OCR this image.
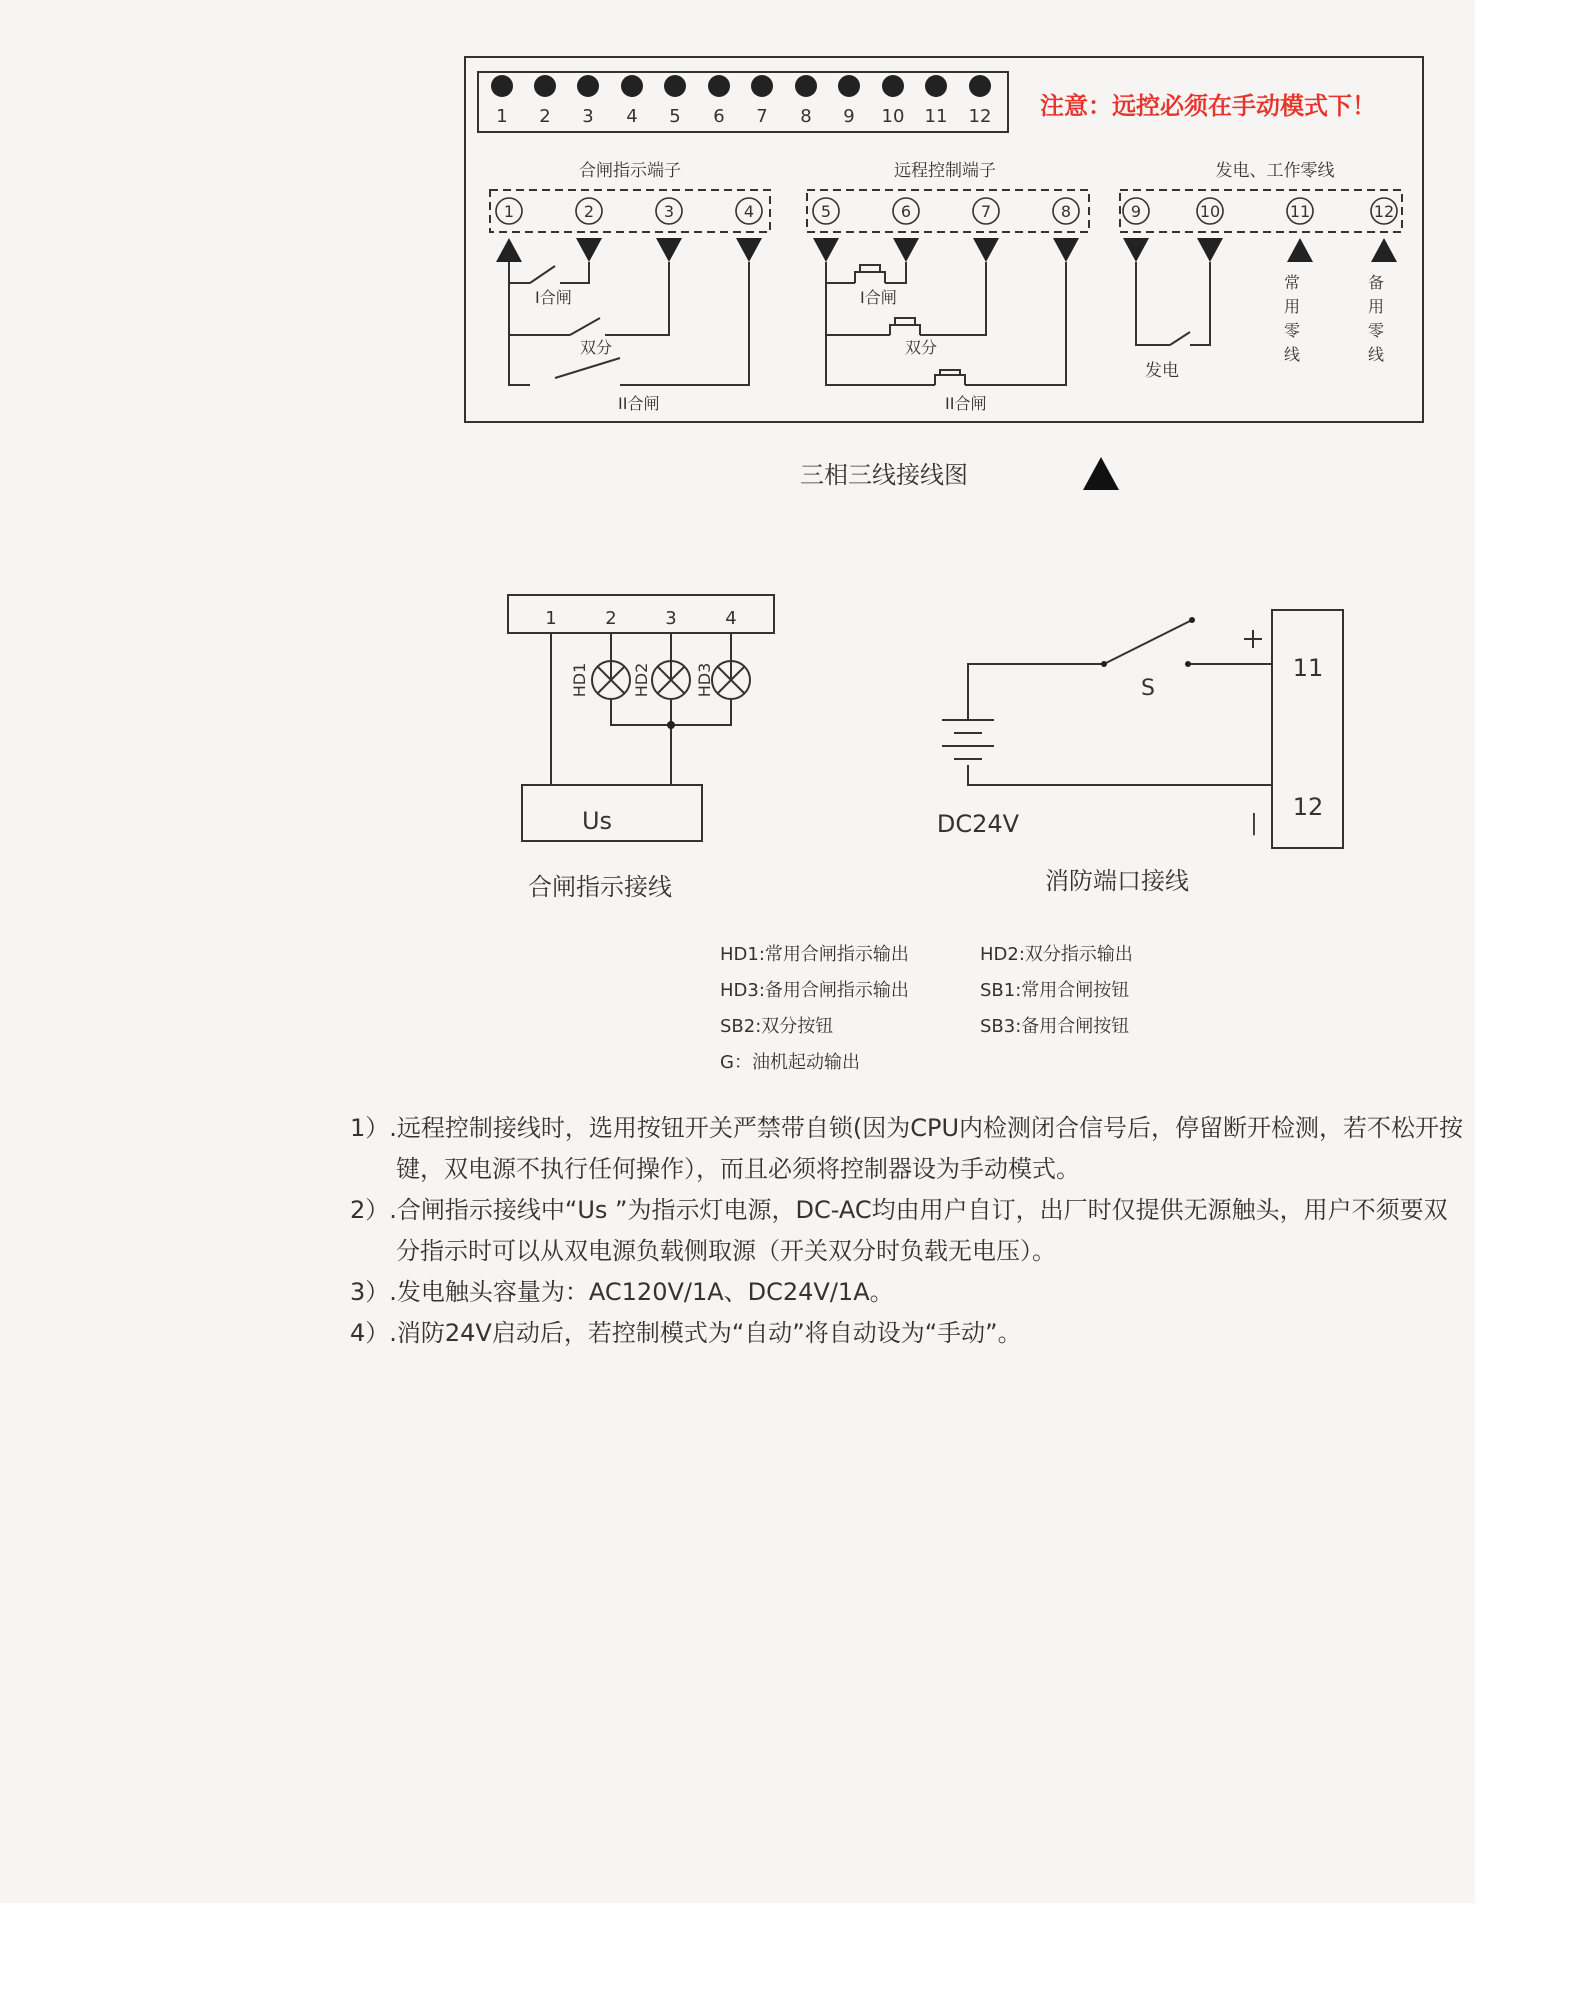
1 2 3 4 5 6 7 8 9 10 11 12 注意：远控必须在手动模式下！
合闸指示端子	远程控制端子	发电、工作零线
1	2	3	4	5	6	7	8	9	10	11	12
I合闸
双分
II合闸
I合闸
双分
II合闸
发电
常
用
零
线
备
用
零
线
三相三线接线图
1	2	3	4
HD1	HD2	HD3
Us
合闸指示接线
S
|
11
12
DC24V
消防端口接线
HD1:常用合闸指示输出	HD2:双分指示输出
HD3:备用合闸指示输出	SB1:常用合闸按钮
SB2:双分按钮	SB3:备用合闸按钮
G：油机起动输出
1）.远程控制接线时，选用按钮开关严禁带自锁(因为CPU内检测闭合信号后，停留断开检测，若不松开按键，双电源不执行任何操作），而且必须将控制器设为手动模式。
2）.合闸指示接线中“Us ”为指示灯电源，DC-AC均由用户自订，出厂时仅提供无源触头，用户不须要双分指示时可以从双电源负载侧取源（开关双分时负载无电压）。
3）.发电触头容量为：AC120V/1A、DC24V/1A。
4）.消防24V启动后，若控制模式为“自动”将自动设为“手动”。
